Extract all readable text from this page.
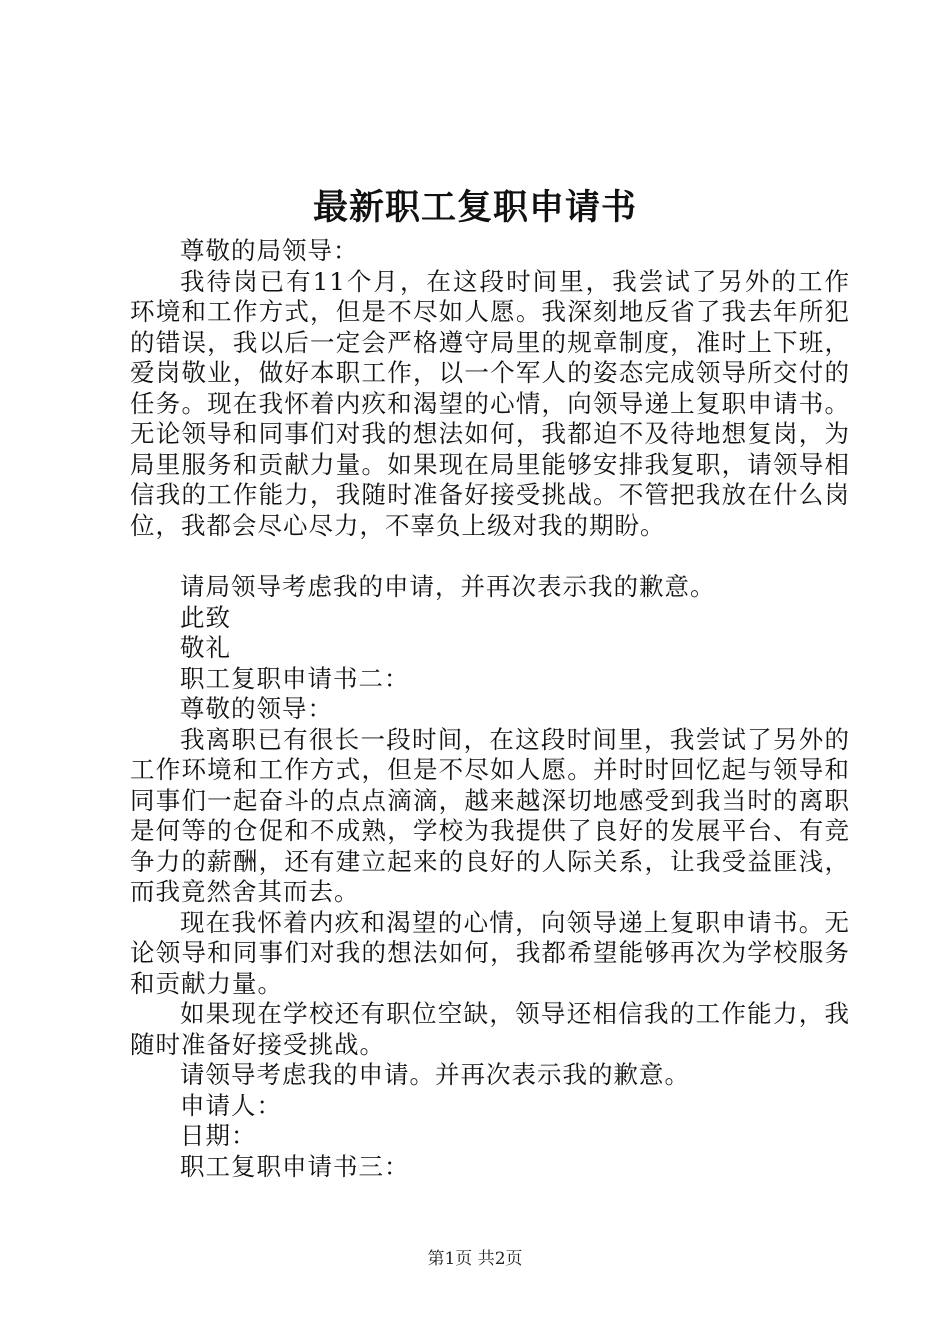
最新职工复职申请书

尊敬的局领导：

我待岗已有11个月，在这段时间里，我尝试了另外的工作环境和工作方式，但是不尽如人愿。我深刻地反省了我去年所犯的错误，我以后一定会严格遵守局里的规章制度，准时上下班，爱岗敬业，做好本职工作，以一个军人的姿态完成领导所交付的任务。现在我怀着内疚和渴望的心情，向领导递上复职申请书。无论领导和同事们对我的想法如何，我都迫不及待地想复岗，为局里服务和贡献力量。如果现在局里能够安排我复职，请领导相信我的工作能力，我随时准备好接受挑战。不管把我放在什么岗位，我都会尽心尽力，不辜负上级对我的期盼。

请局领导考虑我的申请，并再次表示我的歉意。

此致

敬礼

职工复职申请书二：

尊敬的领导：

我离职已有很长一段时间，在这段时间里，我尝试了另外的工作环境和工作方式，但是不尽如人愿。并时时回忆起与领导和同事们一起奋斗的点点滴滴，越来越深切地感受到我当时的离职是何等的仓促和不成熟，学校为我提供了良好的发展平台、有竞争力的薪酬，还有建立起来的良好的人际关系，让我受益匪浅，而我竟然舍其而去。

现在我怀着内疚和渴望的心情，向领导递上复职申请书。无论领导和同事们对我的想法如何，我都希望能够再次为学校服务和贡献力量。

如果现在学校还有职位空缺，领导还相信我的工作能力，我随时准备好接受挑战。

请领导考虑我的申请。并再次表示我的歉意。

申请人：

日期：

职工复职申请书三：

第1页 共2页
